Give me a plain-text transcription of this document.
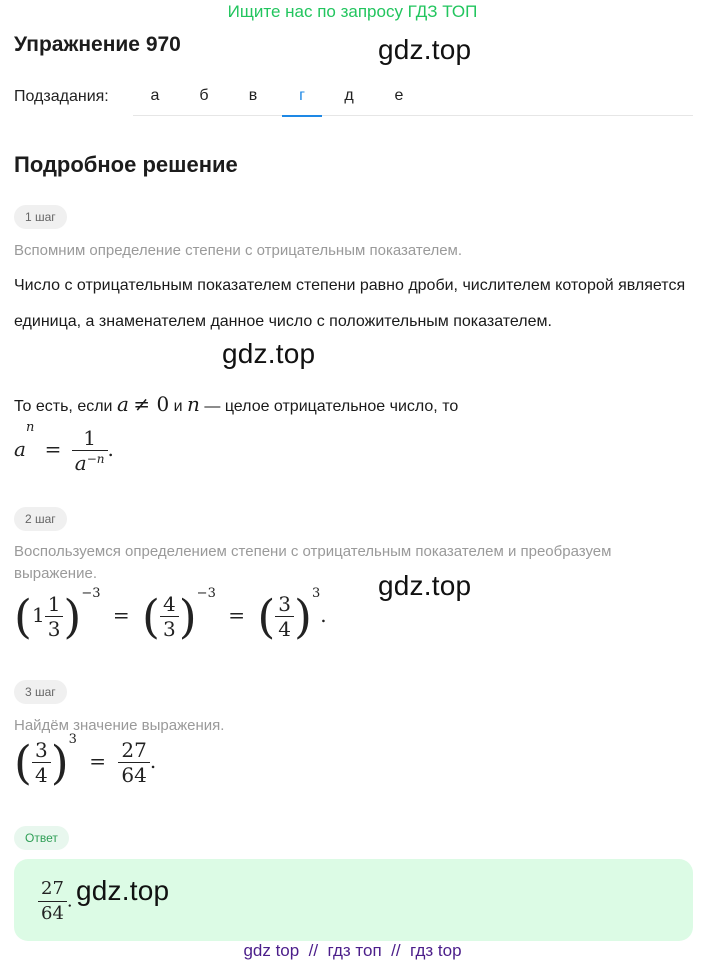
Ищите нас по запросу ГДЗ ТОП
Упражнение 970	gdz.top
Подзадания:	а	б	в	г	д	е
Подробное решение
1 шаг
Вспомним определение степени с отрицательным показателем.
Число с отрицательным показателем степени равно дроби, числителем которой является единица, а знаменателем данное число с положительным показателем.
gdz.top
То есть, если a ≠ 0 и n — целое отрицательное число, то
$a^n = \frac{1}{a^{-n}}$ .
2 шаг
Воспользуемся определением степени с отрицательным показателем и преобразуем выражение.	gdz.top
$(1 \frac{1}{3} )^{-3}$ = ( $\frac{4}{3} )^{-3}$ = ( $\frac{3}{4} )^3$.
3 шаг
Найдём значение выражения.
( $\frac{3}{4} )^3 = \frac{27}{64}$ .
Ответ
$\frac{27}{64}$ . gdz.top
gdz top  //  гдз топ  //  гдз top
